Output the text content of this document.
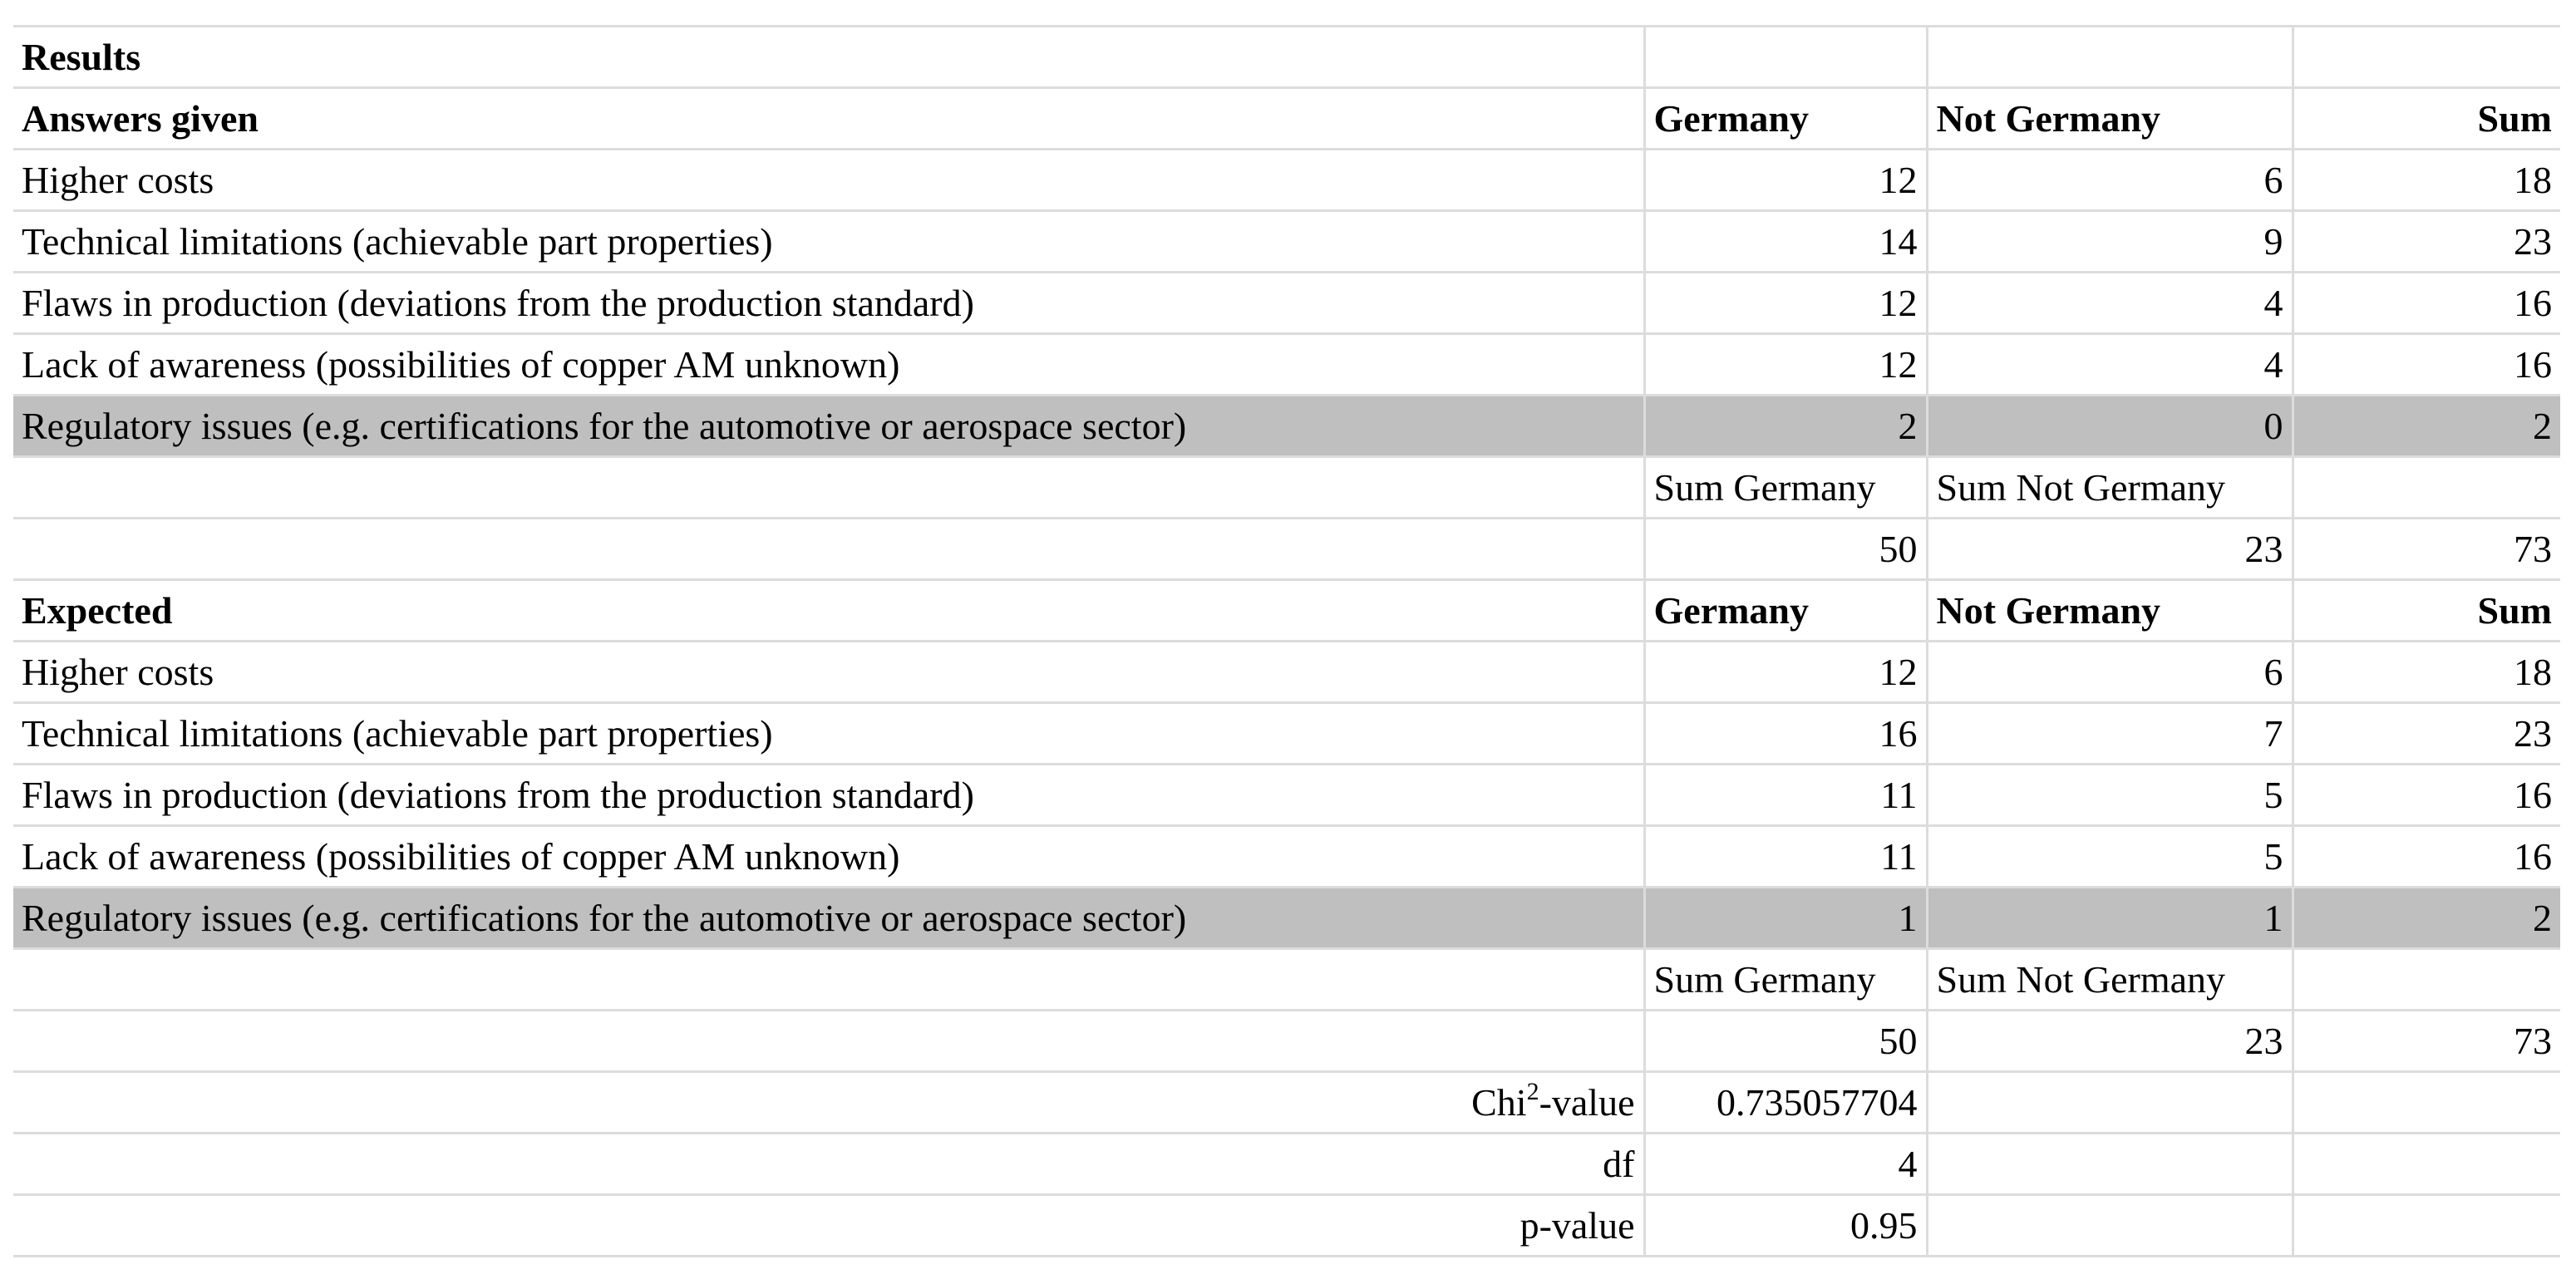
Results			
Answers given	Germany	Not Germany	Sum
Higher costs	12	6	18
Technical limitations (achievable part properties)	14	9	23
Flaws in production (deviations from the production standard)	12	4	16
Lack of awareness (possibilities of copper AM unknown)	12	4	16
Regulatory issues (e.g. certifications for the automotive or aerospace sector)	2	0	2
	Sum Germany	Sum Not Germany	
	50	23	73
Expected	Germany	Not Germany	Sum
Higher costs	12	6	18
Technical limitations (achievable part properties)	16	7	23
Flaws in production (deviations from the production standard)	11	5	16
Lack of awareness (possibilities of copper AM unknown)	11	5	16
Regulatory issues (e.g. certifications for the automotive or aerospace sector)	1	1	2
	Sum Germany	Sum Not Germany	
	50	23	73
Chi$^2$-value	0.735057704		
df	4		
p-value	0.95		
